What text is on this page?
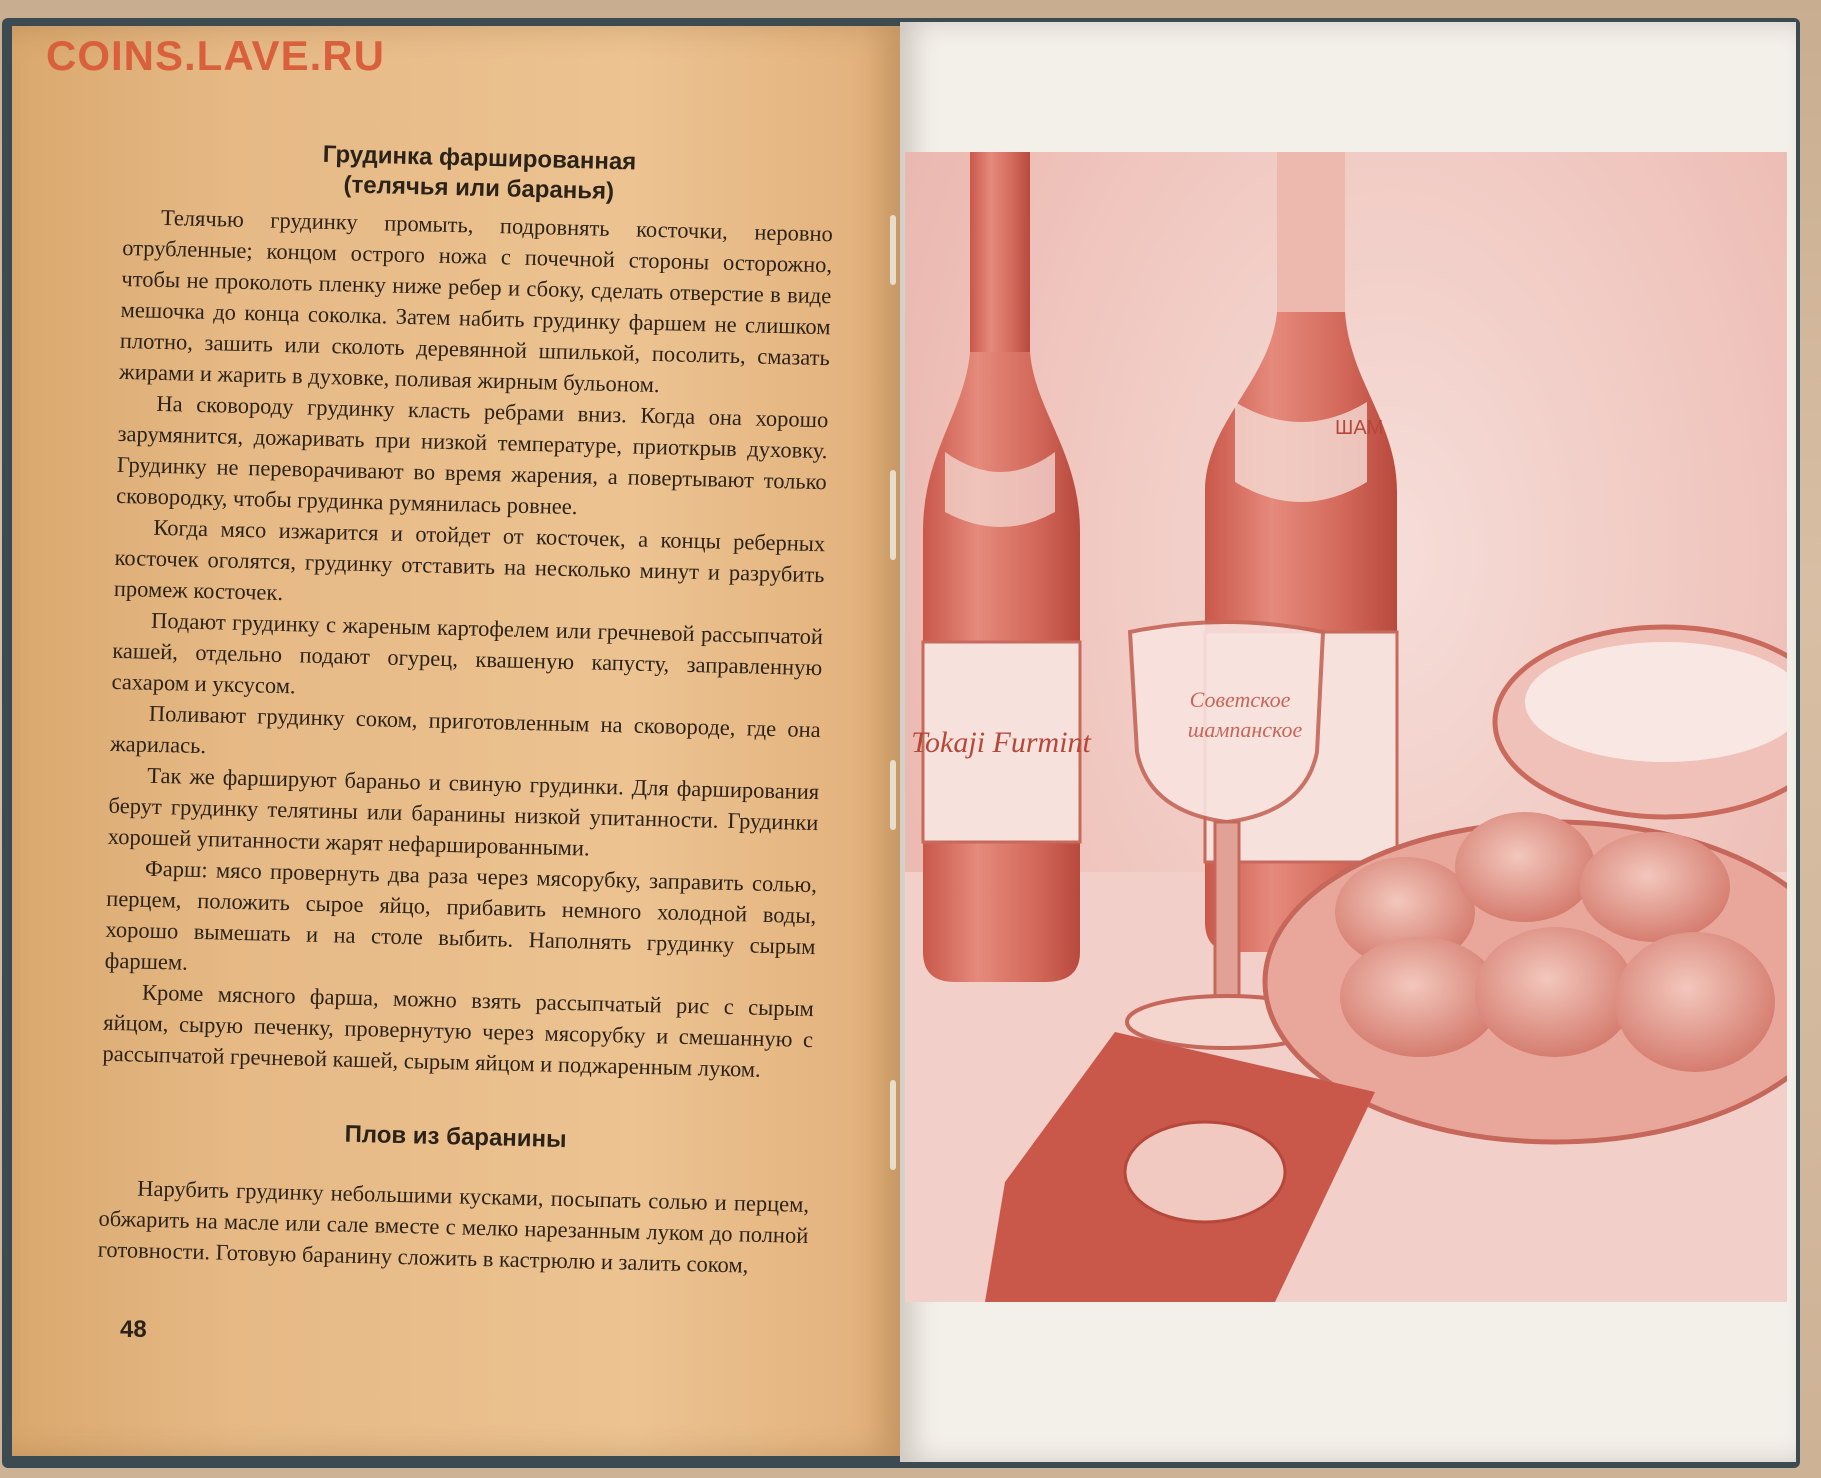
COINS.LAVE.RU
Грудинка фаршированная
(телячья или баранья)

Телячью грудинку промыть, подровнять косточки, неровно отрубленные; концом острого ножа с почечной стороны осторожно, чтобы не проколоть пленку ниже ребер и сбоку, сделать отверстие в виде мешочка до конца соколка. Затем набить грудинку фаршем не слишком плотно, зашить или сколоть деревянной шпилькой, посолить, смазать жирами и жарить в духовке, поливая жирным бульоном.

На сковороду грудинку класть ребрами вниз. Когда она хорошо зарумянится, дожаривать при низкой температуре, приоткрыв духовку. Грудинку не переворачивают во время жарения, а повертывают только сковородку, чтобы грудинка румянилась ровнее.

Когда мясо изжарится и отойдет от косточек, а концы реберных косточек оголятся, грудинку отставить на несколько минут и разрубить промеж косточек.

Подают грудинку с жареным картофелем или гречневой рассыпчатой кашей, отдельно подают огурец, квашеную капусту, заправленную сахаром и уксусом.

Поливают грудинку соком, приготовленным на сковороде, где она жарилась.

Так же фаршируют бараньо и свиную грудинки. Для фарширования берут грудинку телятины или баранины низкой упитанности. Грудинки хорошей упитанности жарят нефаршированными.

Фарш: мясо провернуть два раза через мясорубку, заправить солью, перцем, положить сырое яйцо, прибавить немного холодной воды, хорошо вымешать и на столе выбить. Наполнять грудинку сырым фаршем.

Кроме мясного фарша, можно взять рассыпчатый рис с сырым яйцом, сырую печенку, провернутую через мясорубку и смешанную с рассыпчатой гречневой кашей, сырым яйцом и поджаренным луком.

Плов из баранины

Нарубить грудинку небольшими кусками, посыпать солью и перцем, обжарить на масле или сале вместе с мелко нарезанным луком до полной готовности. Готовую баранину сложить в кастрюлю и залить соком,

48
Tokaji Furmint
ШАМ
Советское
шампанское
